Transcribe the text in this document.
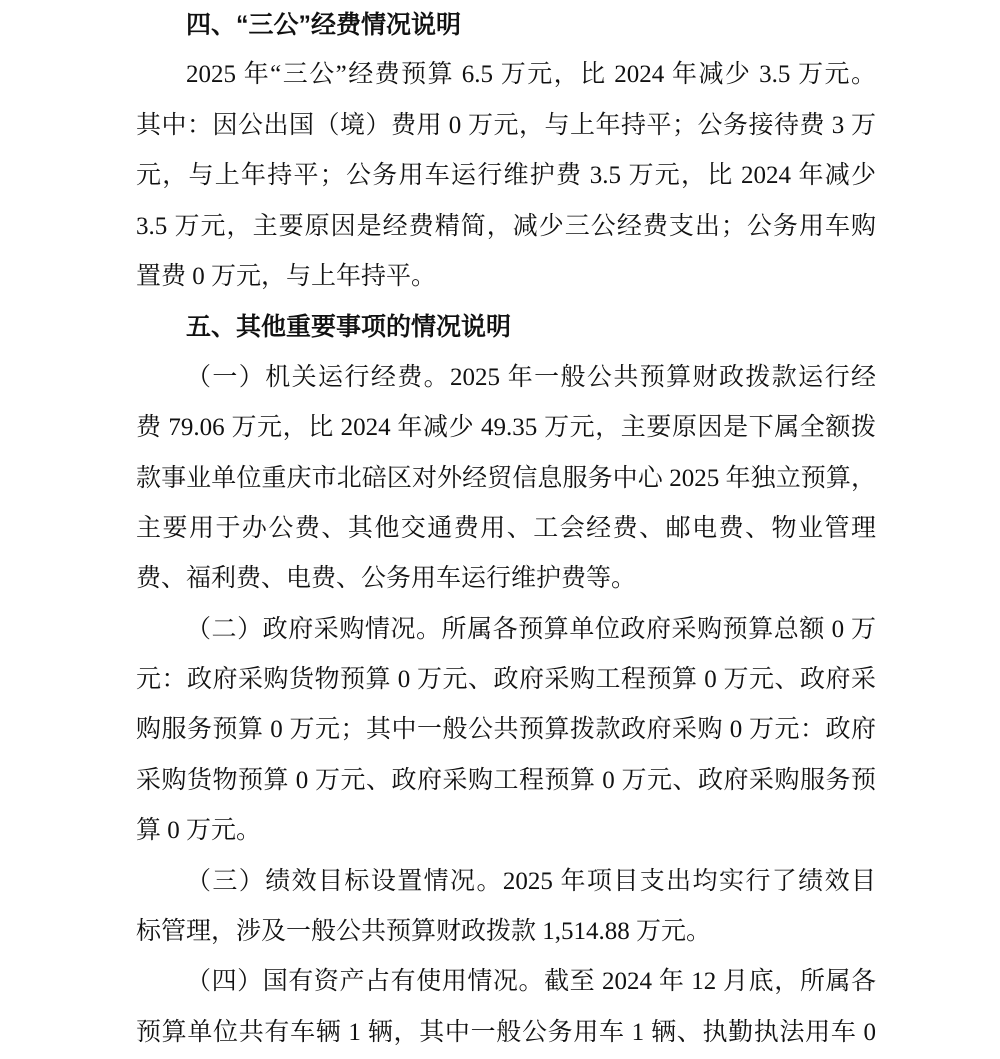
四、“三公”经费情况说明
2025 年“三公”经费预算 6.5 万元，比 2024 年减少 3.5 万元。
其中：因公出国（境）费用 0 万元，与上年持平；公务接待费 3 万
元，与上年持平；公务用车运行维护费 3.5 万元，比 2024 年减少
3.5 万元，主要原因是经费精简，减少三公经费支出；公务用车购
置费 0 万元，与上年持平。
五、其他重要事项的情况说明
（一）机关运行经费。2025 年一般公共预算财政拨款运行经
费 79.06 万元，比 2024 年减少 49.35 万元，主要原因是下属全额拨
款事业单位重庆市北碚区对外经贸信息服务中心 2025 年独立预算，
主要用于办公费、其他交通费用、工会经费、邮电费、物业管理
费、福利费、电费、公务用车运行维护费等。
（二）政府采购情况。所属各预算单位政府采购预算总额 0 万
元：政府采购货物预算 0 万元、政府采购工程预算 0 万元、政府采
购服务预算 0 万元；其中一般公共预算拨款政府采购 0 万元：政府
采购货物预算 0 万元、政府采购工程预算 0 万元、政府采购服务预
算 0 万元。
（三）绩效目标设置情况。2025 年项目支出均实行了绩效目
标管理，涉及一般公共预算财政拨款 1,514.88 万元。
（四）国有资产占有使用情况。截至 2024 年 12 月底，所属各
预算单位共有车辆 1 辆，其中一般公务用车 1 辆、执勤执法用车 0
